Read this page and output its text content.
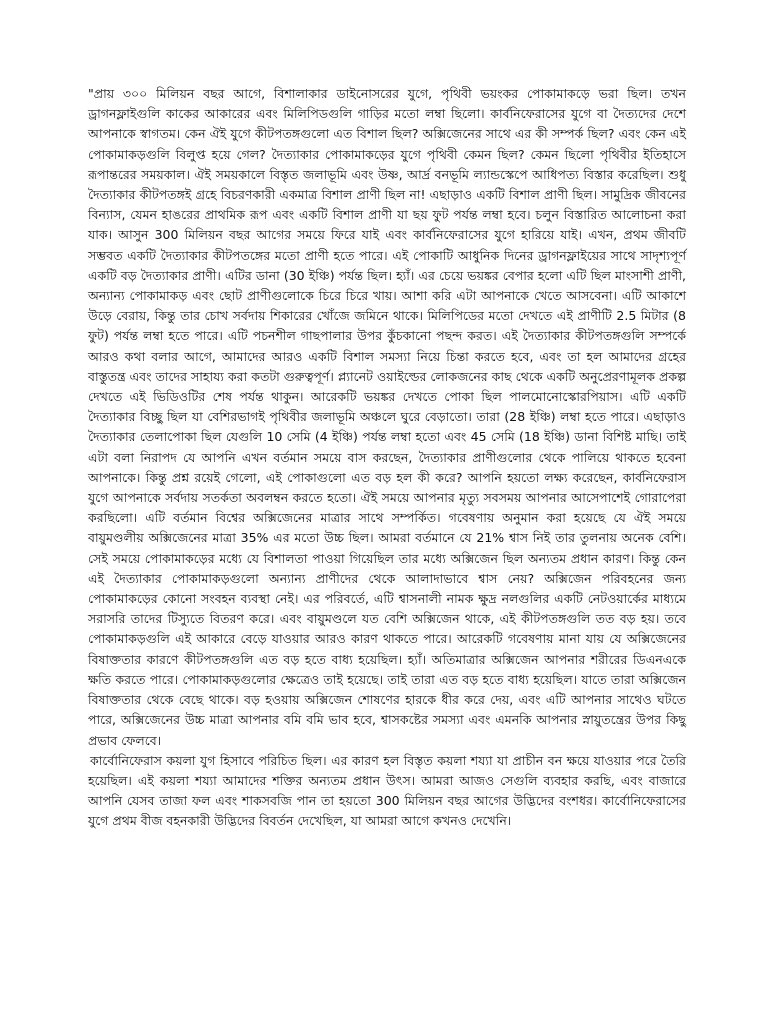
"প্রায় ৩০০ মিলিয়ন বছর আগে, বিশালাকার ডাইনোসরের যুগে, পৃথিবী ভয়ংকর পোকামাকড়ে ভরা ছিল। তখন ড্রাগনফ্লাইগুলি কাকের আকারের এবং মিলিপিডগুলি গাড়ির মতো লম্বা ছিলো। কার্বনিফেরাসের যুগে বা দৈত্যদের দেশে আপনাকে স্বাগতম। কেন ঐই যুগে কীটপতঙ্গগুলো এত বিশাল ছিল? অক্সিজেনের সাথে এর কী সম্পর্ক ছিল? এবং কেন এই পোকামাকড়গুলি বিলুপ্ত হয়ে গেল? দৈত্যাকার পোকামাকড়ের যুগে পৃথিবী কেমন ছিল? কেমন ছিলো পৃথিবীর ইতিহাসে রূপান্তরের সময়কাল। ঐই সময়কালে বিস্তৃত জলাভূমি এবং উষ্ণ, আর্দ্র বনভূমি ল্যান্ডস্কেপে আধিপত্য বিস্তার করেছিল। শুধু দৈত্যাকার কীটপতঙ্গই গ্রহে বিচরণকারী একমাত্র বিশাল প্রাণী ছিল না! এছাড়াও একটি বিশাল প্রাণী ছিল। সামুদ্রিক জীবনের বিন্যাস, যেমন হাঙরের প্রাথমিক রূপ এবং একটি বিশাল প্রাণী যা ছয় ফুট পর্যন্ত লম্বা হবে। চলুন বিস্তারিত আলোচনা করা যাক। আসুন 300 মিলিয়ন বছর আগের সময়ে ফিরে যাই এবং কার্বনিফেরাসের যুগে হারিয়ে যাই। এখন, প্রথম জীবটি সম্ভবত একটি দৈত্যাকার কীটপতঙ্গের মতো প্রাণী হতে পারে। এই পোকাটি আধুনিক দিনের ড্রাগনফ্লাইয়ের সাথে সাদৃশ্যপূর্ণ একটি বড় দৈত্যাকার প্রাণী। এটির ডানা (30 ইঞ্চি) পর্যন্ত ছিল। হ্যাঁ। এর চেয়ে ভয়ঙ্কর বেপার হলো এটি ছিল মাংসাশী প্রাণী, অন্যান্য পোকামাকড় এবং ছোট প্রাণীগুলোকে চিরে চিরে খায়। আশা করি এটা আপনাকে খেতে আসবেনা। এটি আকাশে উড়ে বেরায়, কিন্তু তার চোখ সর্বদায় শিকারের খোঁজে জমিনে থাকে। মিলিপিডের মতো দেখতে এই প্রাণীটি 2.5 মিটার (8 ফুট) পর্যন্ত লম্বা হতে পারে। এটি পচনশীল গাছপালার উপর কুঁচকানো পছন্দ করত। এই দৈত্যাকার কীটপতঙ্গগুলি সম্পর্কে আরও কথা বলার আগে, আমাদের আরও একটি বিশাল সমস্যা নিয়ে চিন্তা করতে হবে, এবং তা হল আমাদের গ্রহের বাস্তুতন্ত্র এবং তাদের সাহায্য করা কতটা গুরুত্বপূর্ণ। প্ল্যানেট ওয়াইল্ডের লোকজনের কাছ থেকে একটি অনুপ্রেরণামূলক প্রকল্প দেখতে এই ভিডিওটির শেষ পর্যন্ত থাকুন। আরেকটি ভয়ঙ্কর দেখতে পোকা ছিল পালমোনোস্কোরপিয়াস। এটি একটি দৈত্যাকার বিচ্ছু ছিল যা বেশিরভাগই পৃথিবীর জলাভূমি অঞ্চলে ঘুরে বেড়াতো। তারা (28 ইঞ্চি) লম্বা হতে পারে। এছাড়াও দৈত্যাকার তেলাপোকা ছিল যেগুলি 10 সেমি (4 ইঞ্চি) পর্যন্ত লম্বা হতো এবং 45 সেমি (18 ইঞ্চি) ডানা বিশিষ্ট মাছি। তাই এটা বলা নিরাপদ যে আপনি এখন বর্তমান সময়ে বাস করছেন, দৈত্যাকার প্রাণীগুলোর থেকে পালিয়ে থাকতে হবেনা আপনাকে। কিন্তু প্রশ্ন রয়েই গেলো, এই পোকাগুলো এত বড় হল কী করে? আপনি হয়তো লক্ষ্য করেছেন, কার্বনিফেরাস যুগে আপনাকে সর্বদায় সতর্কতা অবলম্বন করতে হতো। ঐই সময়ে আপনার মৃত্যু সবসময় আপনার আসেপাশেই গোরাপেরা করছিলো। এটি বর্তমান বিশ্বের অক্সিজেনের মাত্রার সাথে সম্পর্কিত। গবেষণায় অনুমান করা হয়েছে যে ঐই সময়ে বায়ুমণ্ডলীয় অক্সিজেনের মাত্রা 35% এর মতো উচ্চ ছিল। আমরা বর্তমানে যে 21% শ্বাস নিই তার তুলনায় অনেক বেশি। সেই সময়ে পোকামাকড়ের মধ্যে যে বিশালতা পাওয়া গিয়েছিল তার মধ্যে অক্সিজেন ছিল অন্যতম প্রধান কারণ। কিন্তু কেন এই দৈত্যাকার পোকামাকড়গুলো অন্যান্য প্রাণীদের থেকে আলাদাভাবে শ্বাস নেয়? অক্সিজেন পরিবহনের জন্য পোকামাকড়ের কোনো সংবহন ব্যবস্থা নেই। এর পরিবর্তে, এটি শ্বাসনালী নামক ক্ষুদ্র নলগুলির একটি নেটওয়ার্কের মাধ্যমে সরাসরি তাদের টিস্যুতে বিতরণ করে। এবং বায়ুমণ্ডলে যত বেশি অক্সিজেন থাকে, এই কীটপতঙ্গগুলি তত বড় হয়। তবে পোকামাকড়গুলি এই আকারে বেড়ে যাওয়ার আরও কারণ থাকতে পারে। আরেকটি গবেষণায় মানা যায় যে অক্সিজেনের বিষাক্ততার কারণে কীটপতঙ্গগুলি এত বড় হতে বাধ্য হয়েছিল। হ্যাঁ। অতিমাত্রার অক্সিজেন আপনার শরীরের ডিএনএকে ক্ষতি করতে পারে। পোকামাকড়গুলোর ক্ষেত্রেও তাই হয়েছে। তাই তারা এত বড় হতে বাধ্য হয়েছিল। যাতে তারা অক্সিজেন বিষাক্ততার থেকে বেছে থাকে। বড় হওয়ায় অক্সিজেন শোষণের হারকে ধীর করে দেয়, এবং এটি আপনার সাথেও ঘটতে পারে, অক্সিজেনের উচ্চ মাত্রা আপনার বমি বমি ভাব হবে, শ্বাসকষ্টের সমস্যা এবং এমনকি আপনার স্নায়ুতন্ত্রের উপর কিছু প্রভাব ফেলবে।

কার্বোনিফেরাস কয়লা যুগ হিসাবে পরিচিত ছিল। এর কারণ হল বিস্তৃত কয়লা শয্যা যা প্রাচীন বন ক্ষয়ে যাওয়ার পরে তৈরি হয়েছিল। এই কয়লা শয্যা আমাদের শক্তির অন্যতম প্রধান উৎস। আমরা আজও সেগুলি ব্যবহার করছি, এবং বাজারে আপনি যেসব তাজা ফল এবং শাকসবজি পান তা হয়তো 300 মিলিয়ন বছর আগের উদ্ভিদের বংশধর। কার্বোনিফেরাসের যুগে প্রথম বীজ বহনকারী উদ্ভিদের বিবর্তন দেখেছিল, যা আমরা আগে কখনও দেখেনি।
